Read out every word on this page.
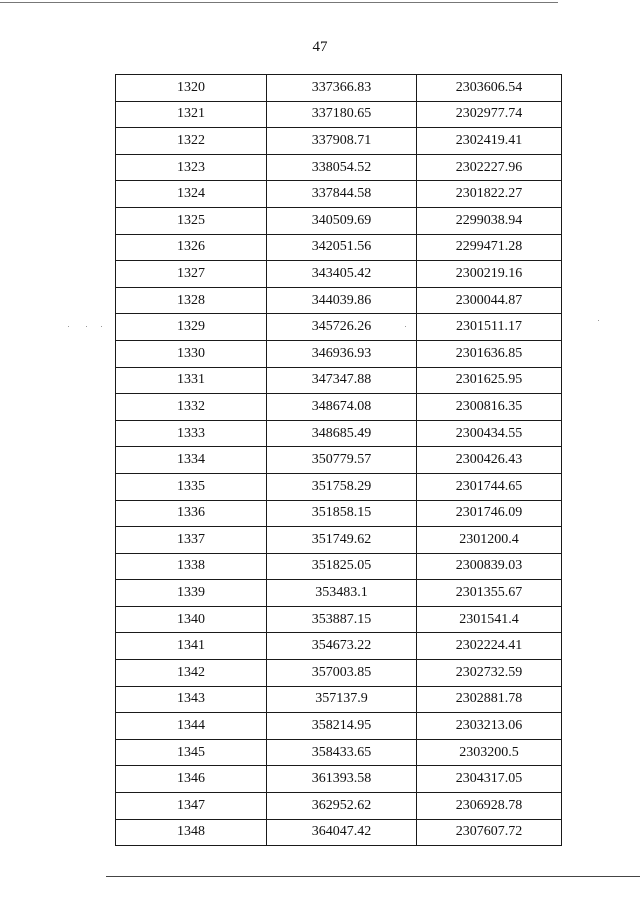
47
1320	337366.83	2303606.54
1321	337180.65	2302977.74
1322	337908.71	2302419.41
1323	338054.52	2302227.96
1324	337844.58	2301822.27
1325	340509.69	2299038.94
1326	342051.56	2299471.28
1327	343405.42	2300219.16
1328	344039.86	2300044.87
1329	345726.26	2301511.17
1330	346936.93	2301636.85
1331	347347.88	2301625.95
1332	348674.08	2300816.35
1333	348685.49	2300434.55
1334	350779.57	2300426.43
1335	351758.29	2301744.65
1336	351858.15	2301746.09
1337	351749.62	2301200.4
1338	351825.05	2300839.03
1339	353483.1	2301355.67
1340	353887.15	2301541.4
1341	354673.22	2302224.41
1342	357003.85	2302732.59
1343	357137.9	2302881.78
1344	358214.95	2303213.06
1345	358433.65	2303200.5
1346	361393.58	2304317.05
1347	362952.62	2306928.78
1348	364047.42	2307607.72
